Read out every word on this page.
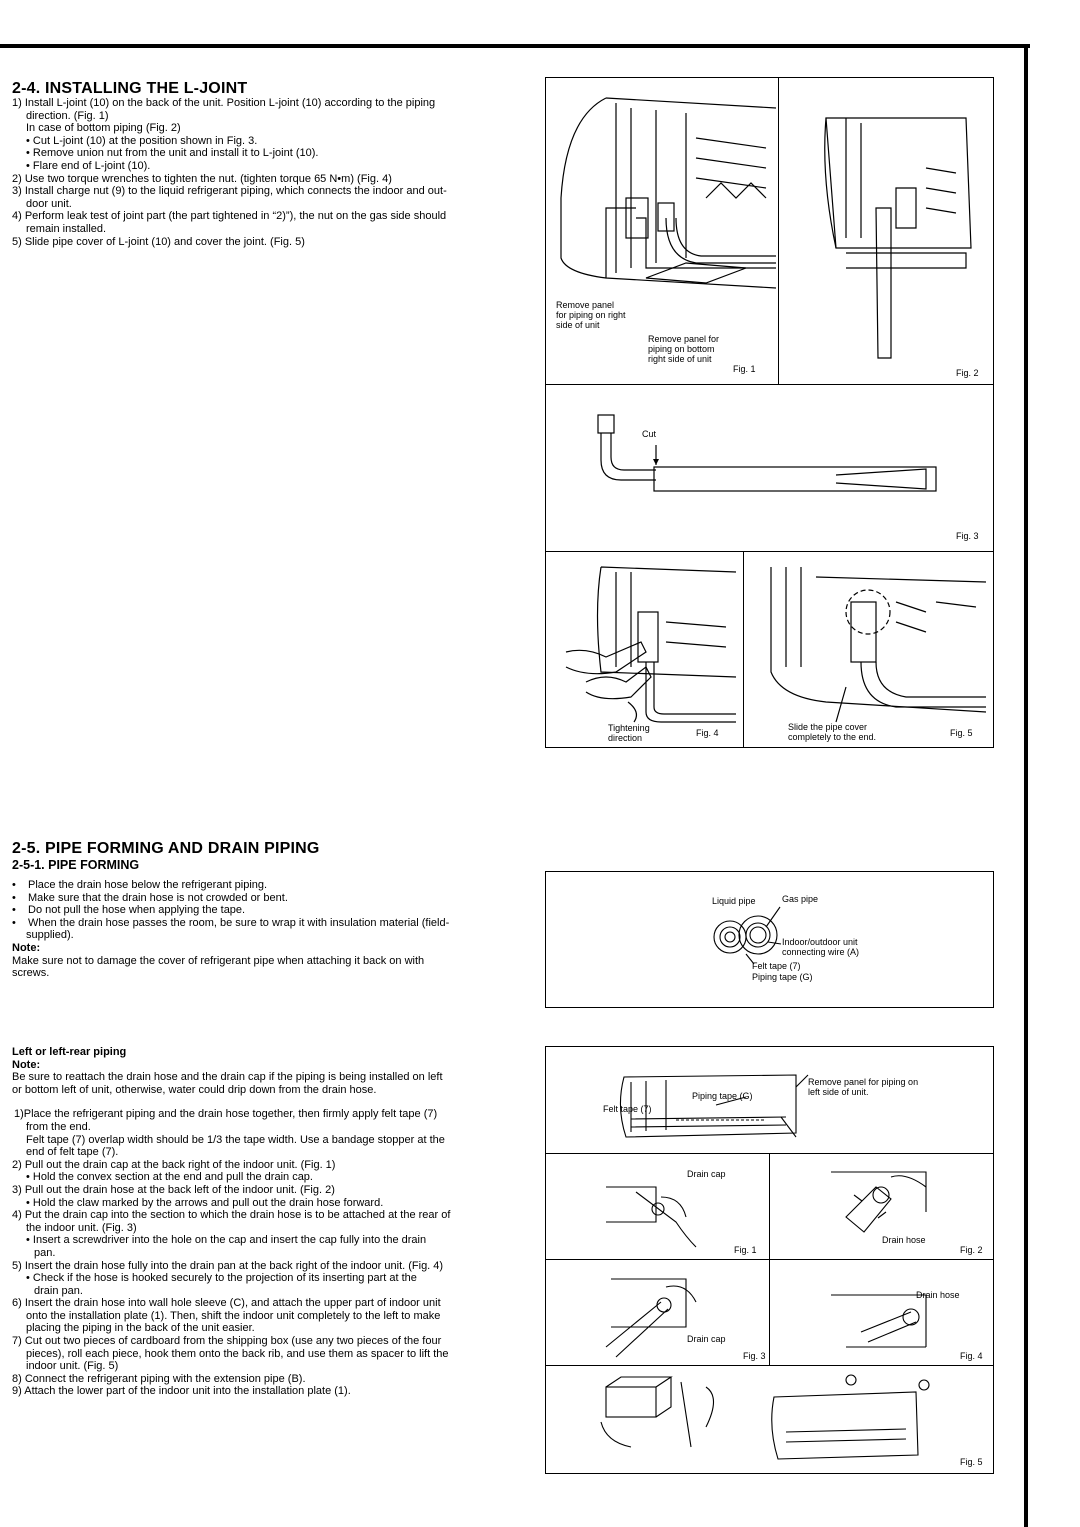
2-4. INSTALLING THE L-JOINT

1) Install L-joint (10) on the back of the unit. Position L-joint (10) according to the piping

direction. (Fig. 1)

In case of bottom piping (Fig. 2)

• Cut L-joint (10) at the position shown in Fig. 3.

• Remove union nut from the unit and install it to L-joint (10).

• Flare end of L-joint (10).

2) Use two torque wrenches to tighten the nut. (tighten torque 65 N•m) (Fig. 4)

3) Install charge nut (9) to the liquid refrigerant piping, which connects the indoor and out-

door unit.

4) Perform leak test of joint part (the part tightened in “2)”), the nut on the gas side should

remain installed.

5) Slide pipe cover of L-joint (10) and cover the joint. (Fig. 5)

Remove panel
for piping on right
side of unit
Remove panel for
piping on bottom
right side of unit
Fig. 1	Fig. 2
Cut
Fig. 3
Tightening
direction	Fig. 4
Slide the pipe cover
completely to the end.	Fig. 5
2-5. PIPE FORMING AND DRAIN PIPING
2-5-1. PIPE FORMING

• Place the drain hose below the refrigerant piping.

• Make sure that the drain hose is not crowded or bent.

• Do not pull the hose when applying the tape.

• When the drain hose passes the room, be sure to wrap it with insulation material (field-

supplied).

Note:

Make sure not to damage the cover of refrigerant pipe when attaching it back on with

screws.

Liquid pipe	Gas pipe
Indoor/outdoor unit
connecting wire (A)
Felt tape (7)
Piping tape (G)

Left or left-rear piping

Note:

Be sure to reattach the drain hose and the drain cap if the piping is being installed on left

or bottom left of unit, otherwise, water could drip down from the drain hose.

1)Place the refrigerant piping and the drain hose together, then firmly apply felt tape (7)

from the end.

Felt tape (7) overlap width should be 1/3 the tape width. Use a bandage stopper at the

end of felt tape (7).

2) Pull out the drain cap at the back right of the indoor unit. (Fig. 1)

• Hold the convex section at the end and pull the drain cap.

3) Pull out the drain hose at the back left of the indoor unit. (Fig. 2)

• Hold the claw marked by the arrows and pull out the drain hose forward.

4) Put the drain cap into the section to which the drain hose is to be attached at the rear of

the indoor unit. (Fig. 3)

• Insert a screwdriver into the hole on the cap and insert the cap fully into the drain

pan.

5) Insert the drain hose fully into the drain pan at the back right of the indoor unit. (Fig. 4)

• Check if the hose is hooked securely to the projection of its inserting part at the

drain pan.

6) Insert the drain hose into wall hole sleeve (C), and attach the upper part of indoor unit

onto the installation plate (1). Then, shift the indoor unit completely to the left to make

placing the piping in the back of the unit easier.

7) Cut out two pieces of cardboard from the shipping box (use any two pieces of the four

pieces), roll each piece, hook them onto the back rib, and use them as spacer to lift the

indoor unit. (Fig. 5)

8) Connect the refrigerant piping with the extension pipe (B).

9) Attach the lower part of the indoor unit into the installation plate (1).

Remove panel for piping on
left side of unit.
Piping tape (G)
Felt tape (7)
Drain cap
Fig. 1
Drain hose
Fig. 2
Drain cap
Fig. 3
Drain hose
Fig. 4
Fig. 5
